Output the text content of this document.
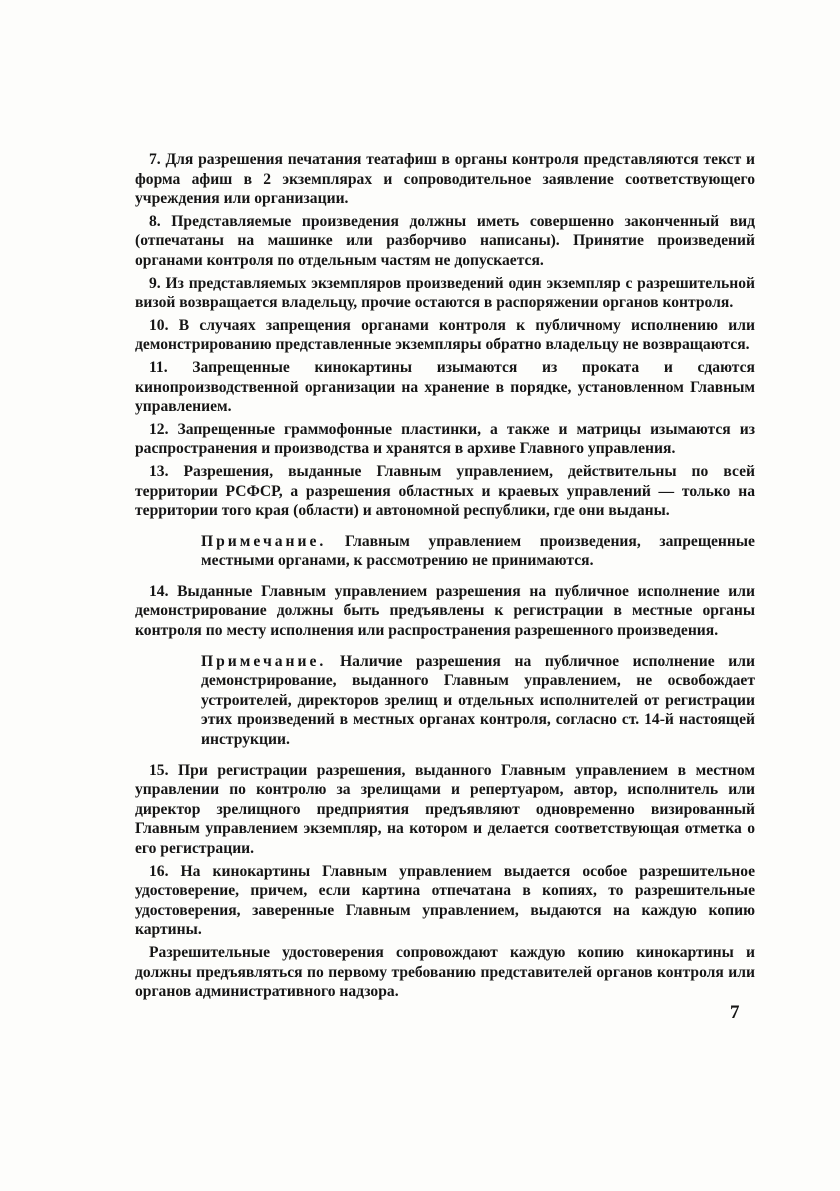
7. Для разрешения печатания театафиш в органы контроля представляются текст и форма афиш в 2 экземплярах и сопроводительное заявление соответствующего учреждения или организации.

8. Представляемые произведения должны иметь совершенно законченный вид (отпечатаны на машинке или разборчиво написаны). Принятие произведений органами контроля по отдельным частям не допускается.

9. Из представляемых экземпляров произведений один экземпляр с разрешительной визой возвращается владельцу, прочие остаются в распоряжении органов контроля.

10. В случаях запрещения органами контроля к публичному исполнению или демонстрированию представленные экземпляры обратно владельцу не возвращаются.

11. Запрещенные кинокартины изымаются из проката и сдаются кинопроизводственной организации на хранение в порядке, установленном Главным управлением.

12. Запрещенные граммофонные пластинки, а также и матрицы изымаются из распространения и производства и хранятся в архиве Главного управления.

13. Разрешения, выданные Главным управлением, действительны по всей территории РСФСР, а разрешения областных и краевых управлений — только на территории того края (области) и автономной республики, где они выданы.

Примечание. Главным управлением произведения, запрещенные местными органами, к рассмотрению не принимаются.

14. Выданные Главным управлением разрешения на публичное исполнение или демонстрирование должны быть предъявлены к регистрации в местные органы контроля по месту исполнения или распространения разрешенного произведения.

Примечание. Наличие разрешения на публичное исполнение или демонстрирование, выданного Главным управлением, не освобождает устроителей, директоров зрелищ и отдельных исполнителей от регистрации этих произведений в местных органах контроля, согласно ст. 14-й настоящей инструкции.

15. При регистрации разрешения, выданного Главным управлением в местном управлении по контролю за зрелищами и репертуаром, автор, исполнитель или директор зрелищного предприятия предъявляют одновременно визированный Главным управлением экземпляр, на котором и делается соответствующая отметка о его регистрации.

16. На кинокартины Главным управлением выдается особое разрешительное удостоверение, причем, если картина отпечатана в копиях, то разрешительные удостоверения, заверенные Главным управлением, выдаются на каждую копию картины.

Разрешительные удостоверения сопровождают каждую копию кинокартины и должны предъявляться по первому требованию представителей органов контроля или органов административного надзора.

7
